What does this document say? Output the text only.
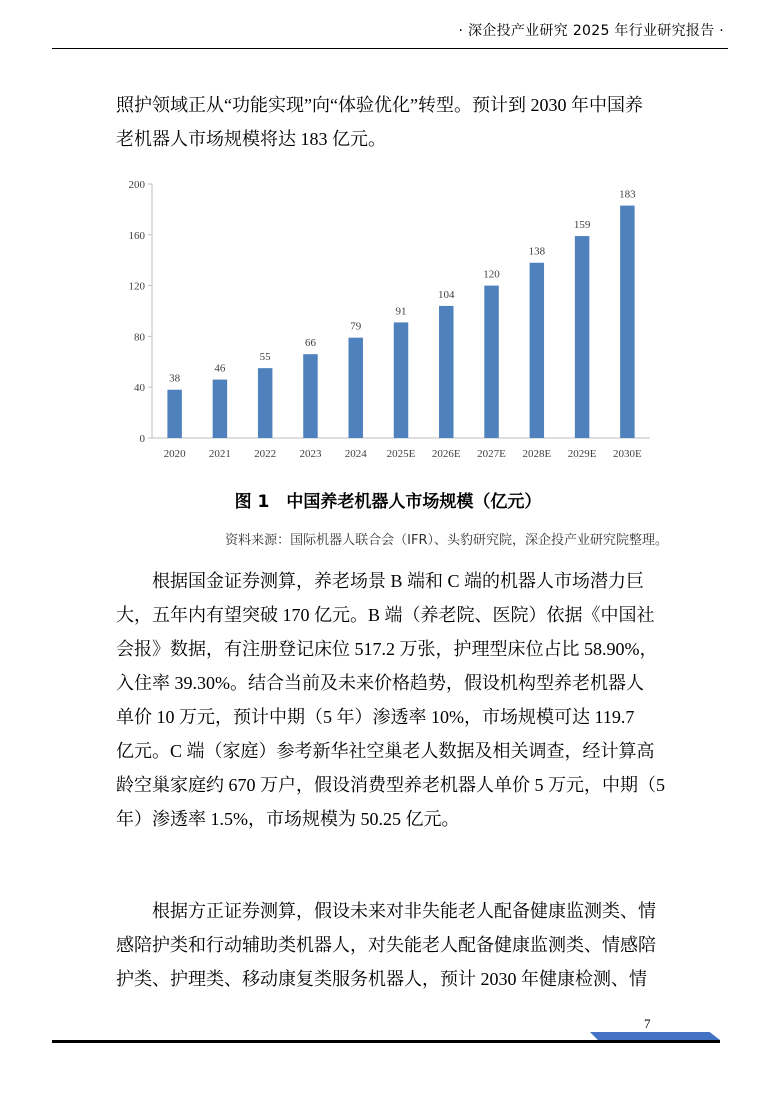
· 深企投产业研究 2025 年行业研究报告 ·
照护领域正从“功能实现”向“体验优化”转型。预计到 2030 年中国养
老机器人市场规模将达 183 亿元。
0
40
80
120
160
200
2020 2021 2022 2023 2024 2025E 2026E 2027E 2028E 2029E 2030E
38
46
55
66
79
91
104
120
138
159
183
图 1　中国养老机器人市场规模（亿元）
资料来源：国际机器人联合会（IFR）、头豹研究院，深企投产业研究院整理。
根据国金证券测算，养老场景 B 端和 C 端的机器人市场潜力巨
大，五年内有望突破 170 亿元。B 端（养老院、医院）依据《中国社
会报》数据，有注册登记床位 517.2 万张，护理型床位占比 58.90%，
入住率 39.30%。结合当前及未来价格趋势，假设机构型养老机器人
单价 10 万元，预计中期（5 年）渗透率 10%，市场规模可达 119.7
亿元。C 端（家庭）参考新华社空巢老人数据及相关调查，经计算高
龄空巢家庭约 670 万户，假设消费型养老机器人单价 5 万元，中期（5
年）渗透率 1.5%，市场规模为 50.25 亿元。
根据方正证券测算，假设未来对非失能老人配备健康监测类、情
感陪护类和行动辅助类机器人，对失能老人配备健康监测类、情感陪
护类、护理类、移动康复类服务机器人，预计 2030 年健康检测、情
7
